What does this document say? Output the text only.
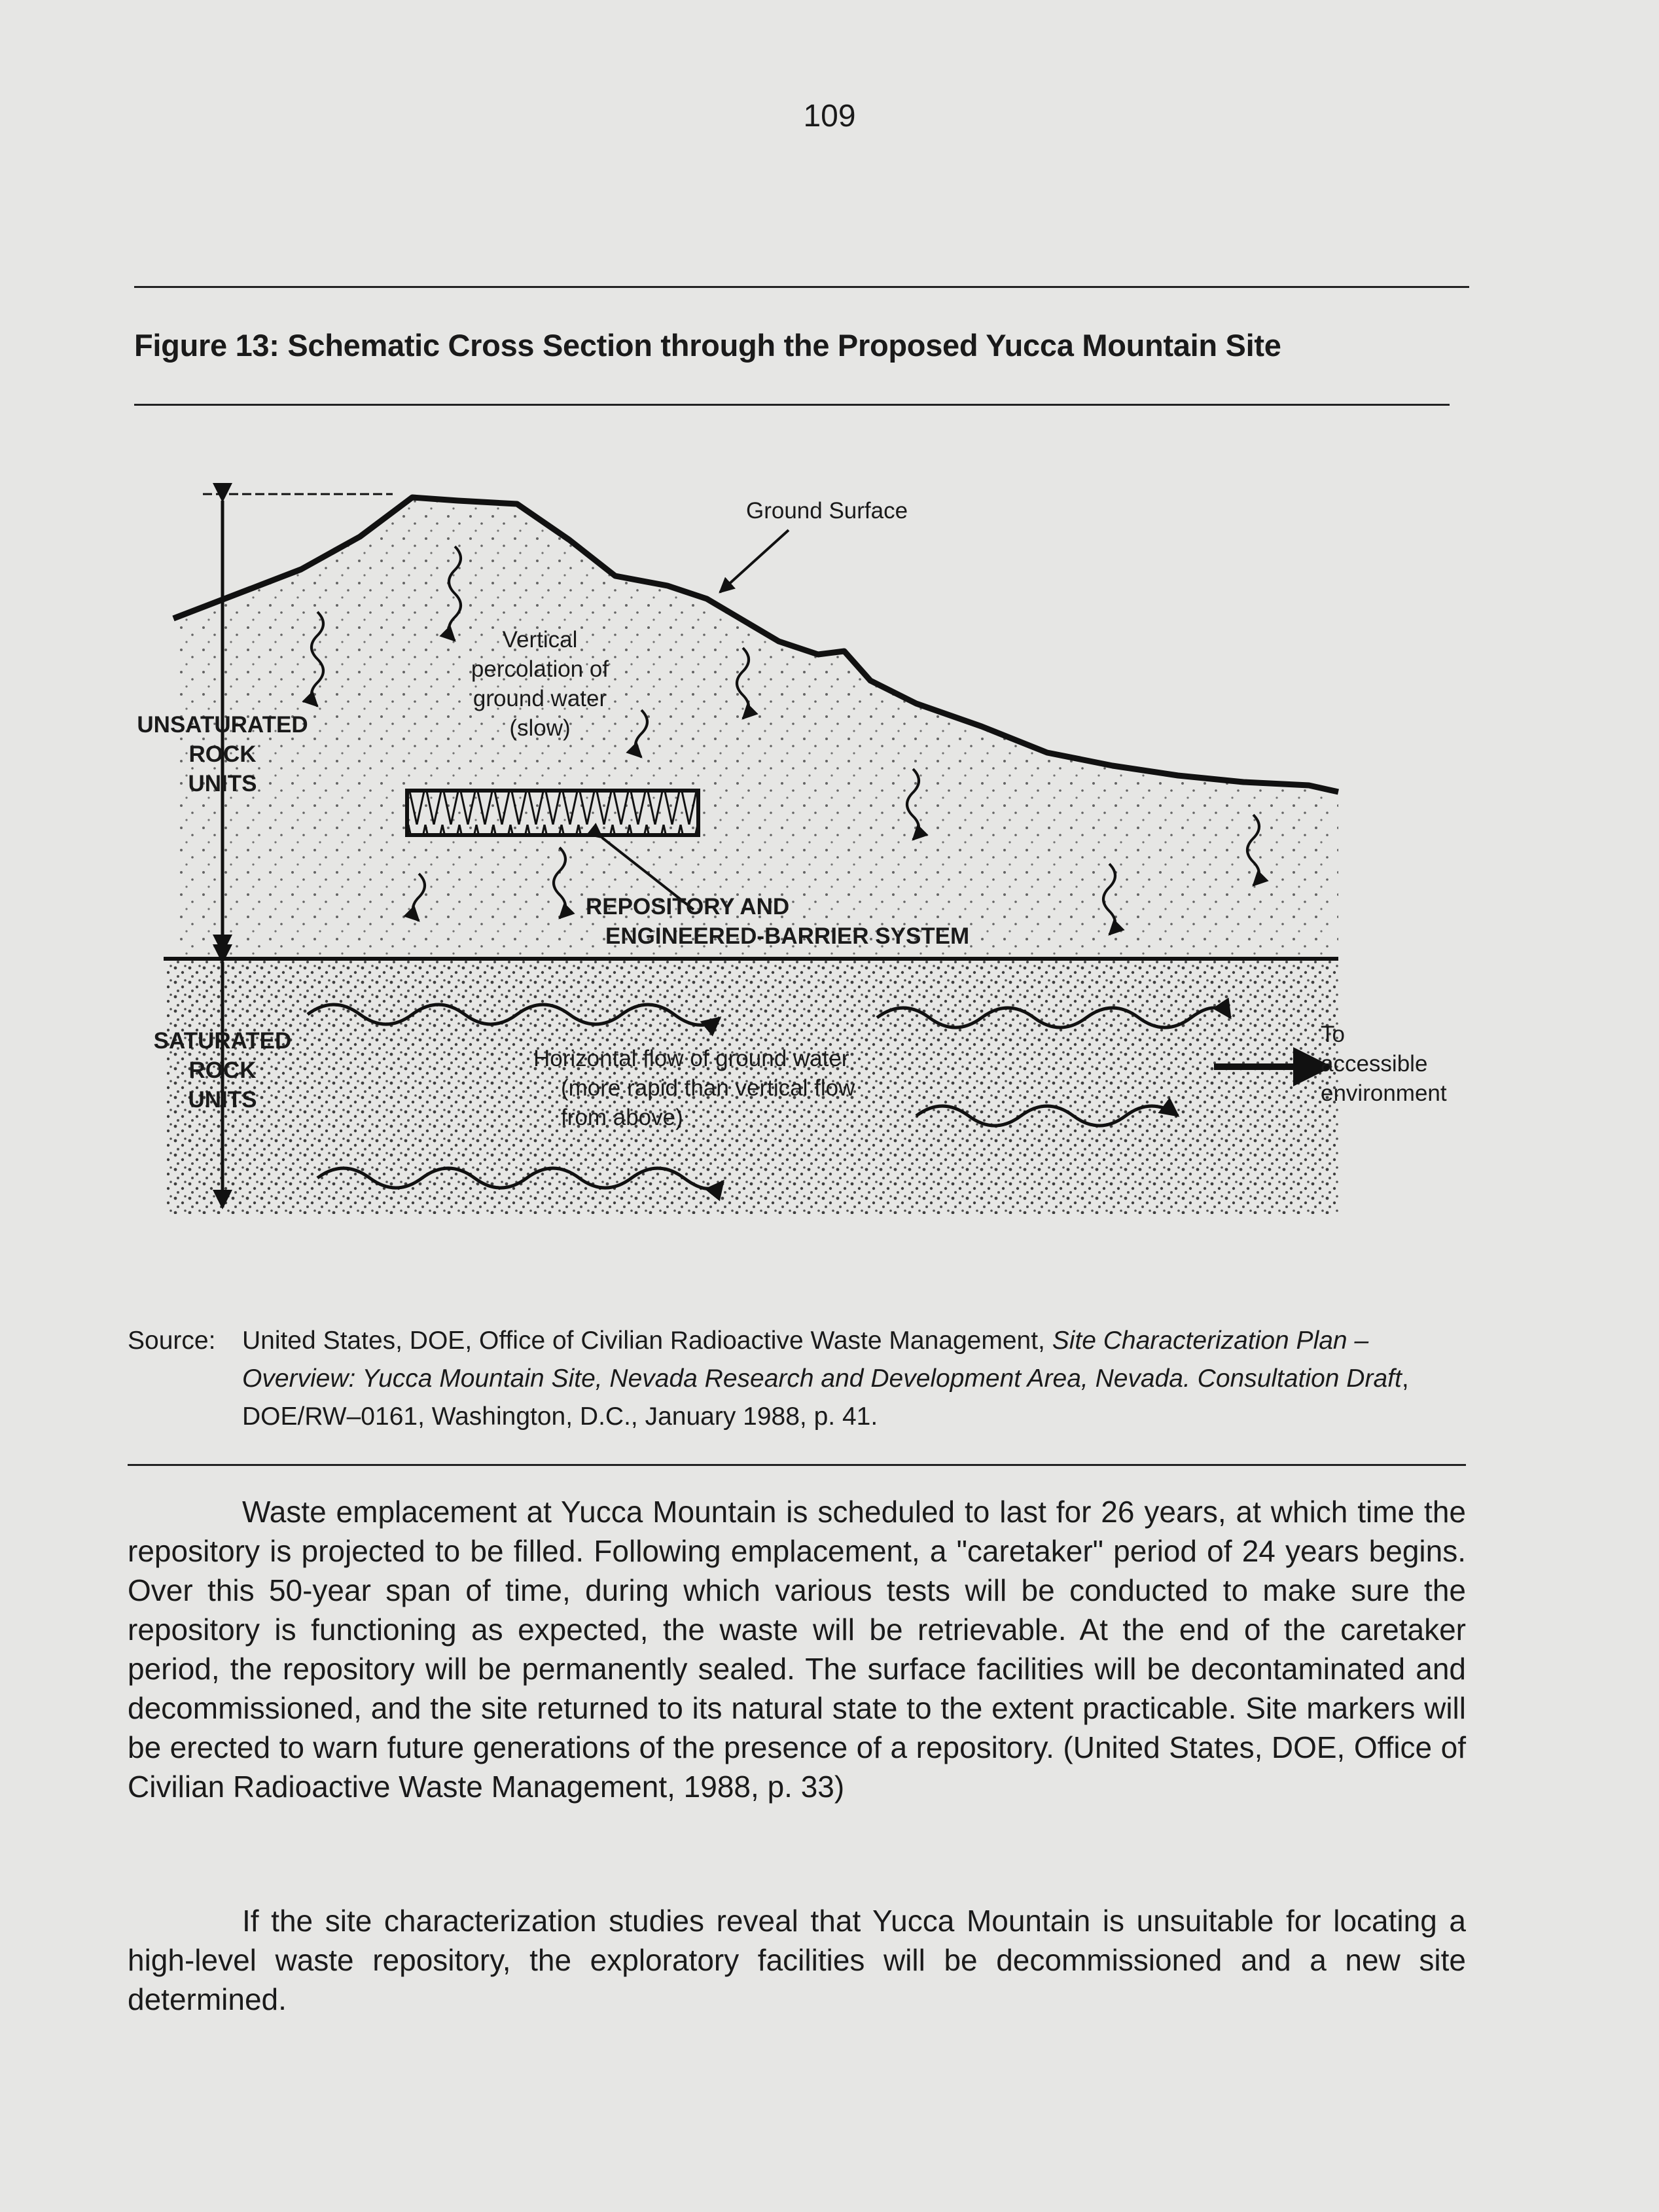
109
Figure 13: Schematic Cross Section through the Proposed Yucca Mountain Site
Ground Surface
Vertical
percolation of
ground water
(slow)
UNSATURATED
ROCK
UNITS
REPOSITORY AND
ENGINEERED-BARRIER SYSTEM
SATURATED
ROCK
UNITS
Horizontal flow of ground water
(more rapid than vertical flow
from above)
To
accessible
environment
Source: United States, DOE, Office of Civilian Radioactive Waste Management, Site Characterization Plan – Overview: Yucca Mountain Site, Nevada Research and Development Area, Nevada. Consultation Draft, DOE/RW–0161, Washington, D.C., January 1988, p. 41.

Waste emplacement at Yucca Mountain is scheduled to last for 26 years, at which time the repository is projected to be filled. Following emplacement, a "caretaker" period of 24 years begins. Over this 50-year span of time, during which various tests will be conducted to make sure the repository is functioning as expected, the waste will be retrievable. At the end of the caretaker period, the repository will be permanently sealed. The surface facilities will be decontaminated and decommissioned, and the site returned to its natural state to the extent practicable. Site markers will be erected to warn future generations of the presence of a repository. (United States, DOE, Office of Civilian Radioactive Waste Management, 1988, p. 33)

If the site characterization studies reveal that Yucca Mountain is unsuitable for locating a high-level waste repository, the exploratory facilities will be decommissioned and a new site determined.
